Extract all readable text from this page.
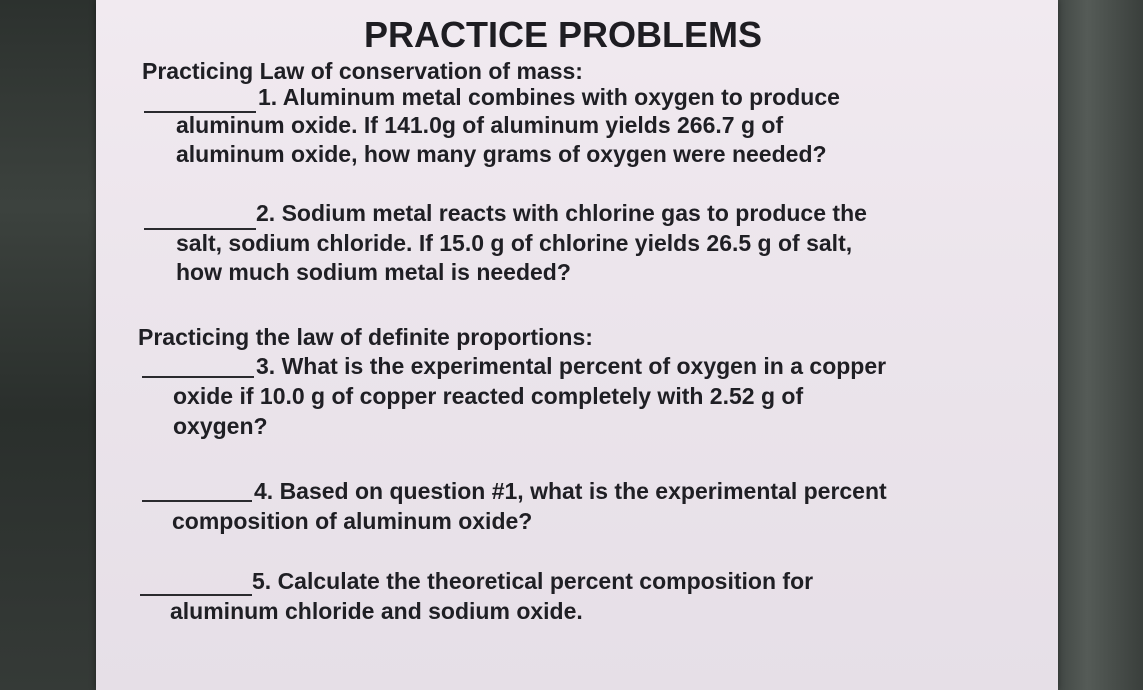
PRACTICE PROBLEMS
Practicing Law of conservation of mass:
1. Aluminum metal combines with oxygen to produce
aluminum oxide. If 141.0g of aluminum yields 266.7 g of
aluminum oxide, how many grams of oxygen were needed?
2. Sodium metal reacts with chlorine gas to produce the
salt, sodium chloride. If 15.0 g of chlorine yields 26.5 g of salt,
how much sodium metal is needed?
Practicing the law of definite proportions:
3. What is the experimental percent of oxygen in a copper
oxide if 10.0 g of copper reacted completely with 2.52 g of
oxygen?
4. Based on question #1, what is the experimental percent
composition of aluminum oxide?
5. Calculate the theoretical percent composition for
aluminum chloride and sodium oxide.
